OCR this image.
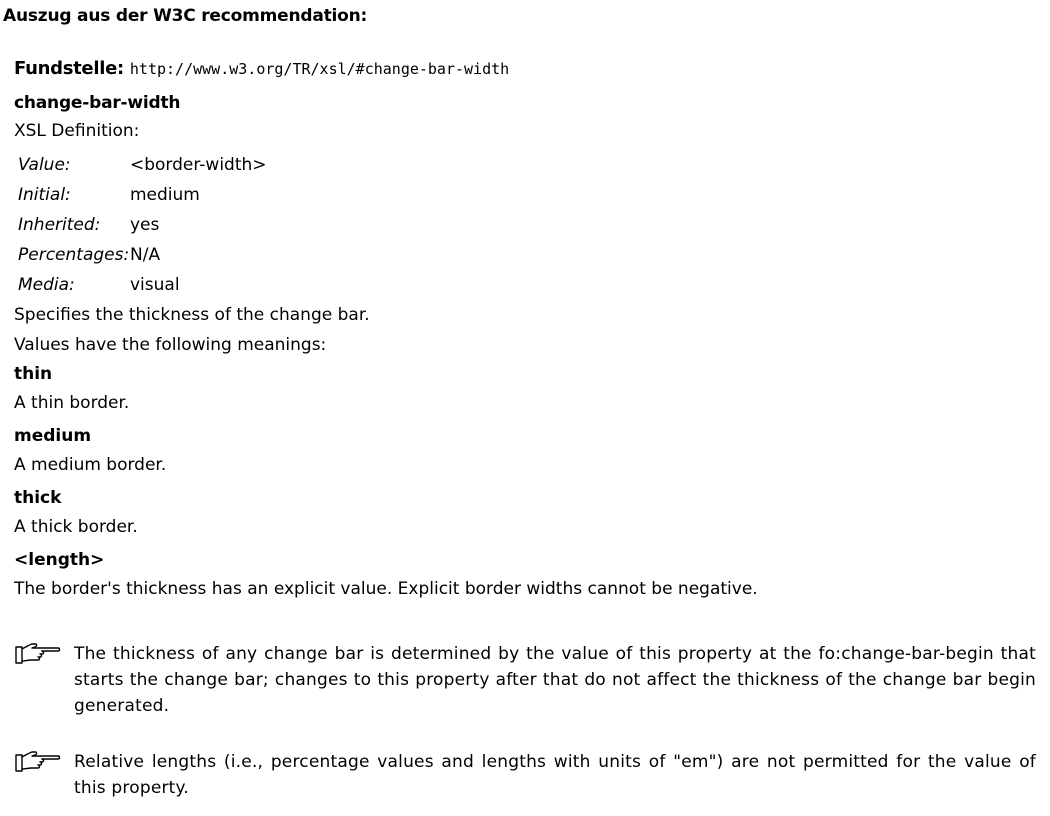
Auszug aus der W3C recommendation:
Fundstelle: http://www.w3.org/TR/xsl/#change-bar-width
change-bar-width
XSL Definition:
Value:	<border-width>
Initial:	medium
Inherited:	yes
Percentages:	N/A
Media:	visual
Specifies the thickness of the change bar.
Values have the following meanings:
thin
A thin border.
medium
A medium border.
thick
A thick border.
<length>
The border's thickness has an explicit value. Explicit border widths cannot be negative.
The thickness of any change bar is determined by the value of this property at the fo:change-bar-begin that starts the change bar; changes to this property after that do not affect the thickness of the change bar begin generated.
Relative lengths (i.e., percentage values and lengths with units of "em") are not permitted for the value of this property.
